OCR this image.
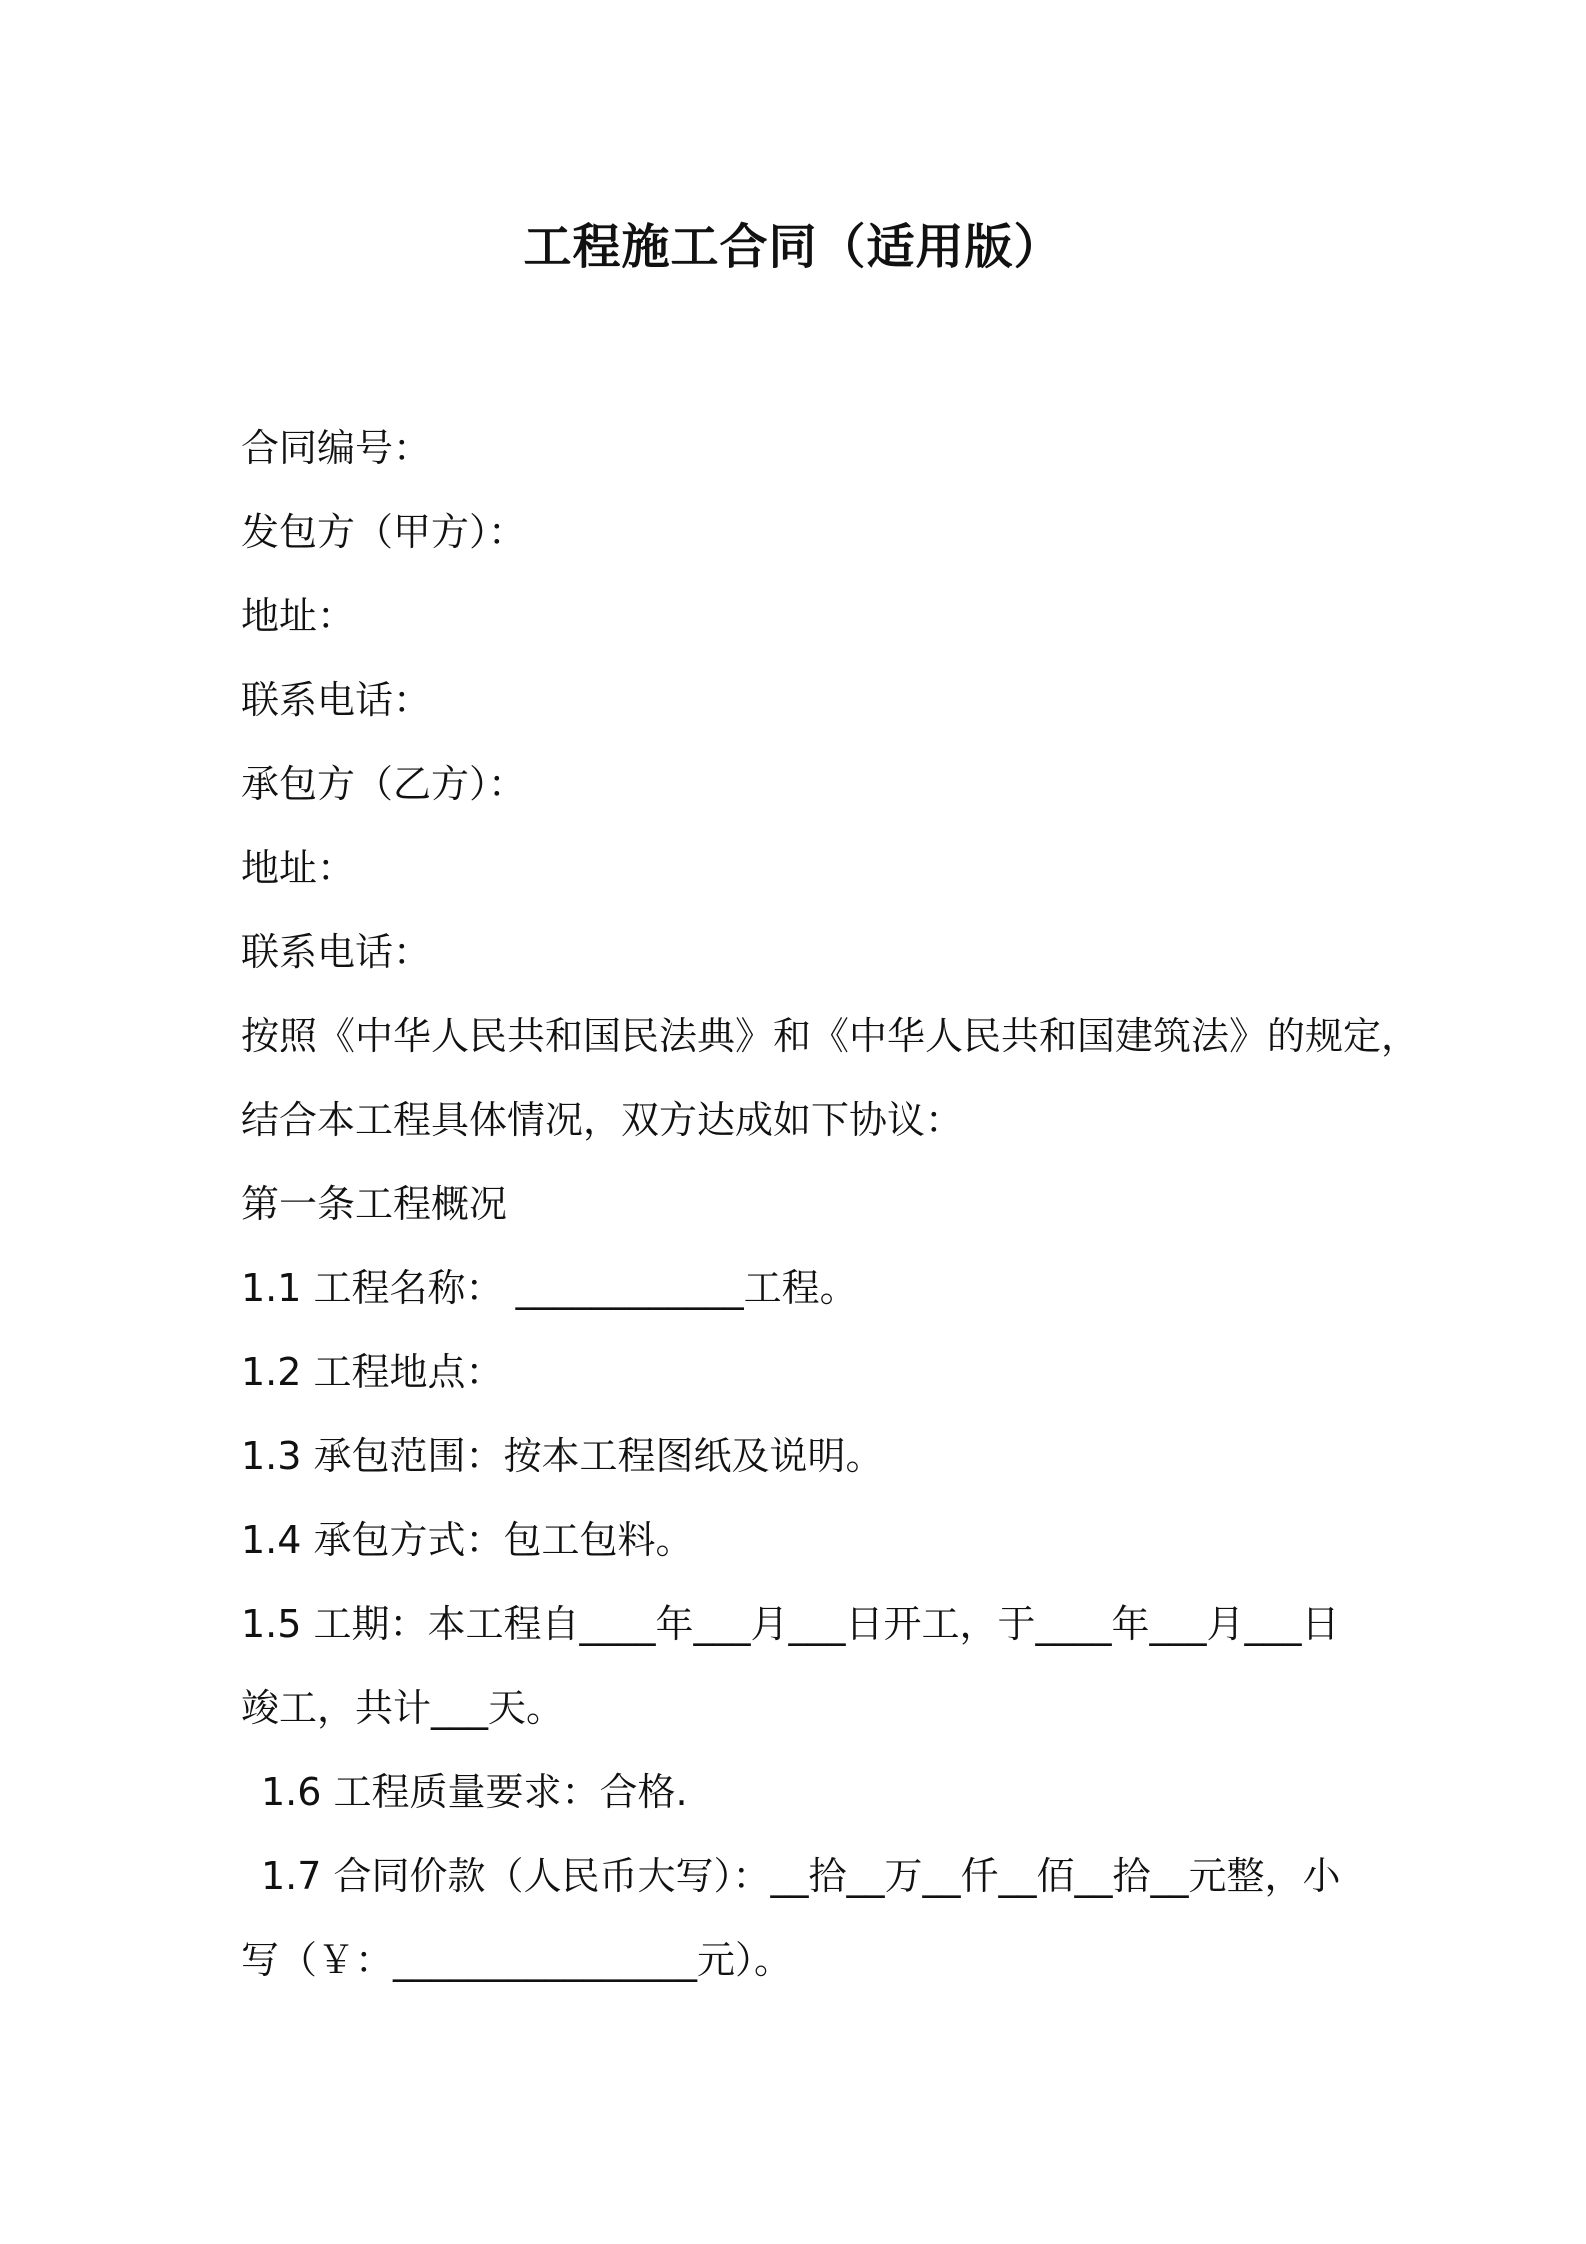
工程施工合同（适用版）

合同编号：

发包方（甲方）：

地址：

联系电话：

承包方（乙方）：

地址：

联系电话：

按照《中华人民共和国民法典》和《中华人民共和国建筑法》的规定，

结合本工程具体情况，双方达成如下协议：

第一条工程概况

1.1 工程名称： ____________工程。

1.2 工程地点：

1.3 承包范围：按本工程图纸及说明。

1.4 承包方式：包工包料。

1.5 工期：本工程自____年___月___日开工，于____年___月___日

竣工，共计___天。

1.6 工程质量要求：合格.

1.7 合同价款（人民币大写）：__拾__万__仟__佰__拾__元整，小

写（￥：________________元）。
